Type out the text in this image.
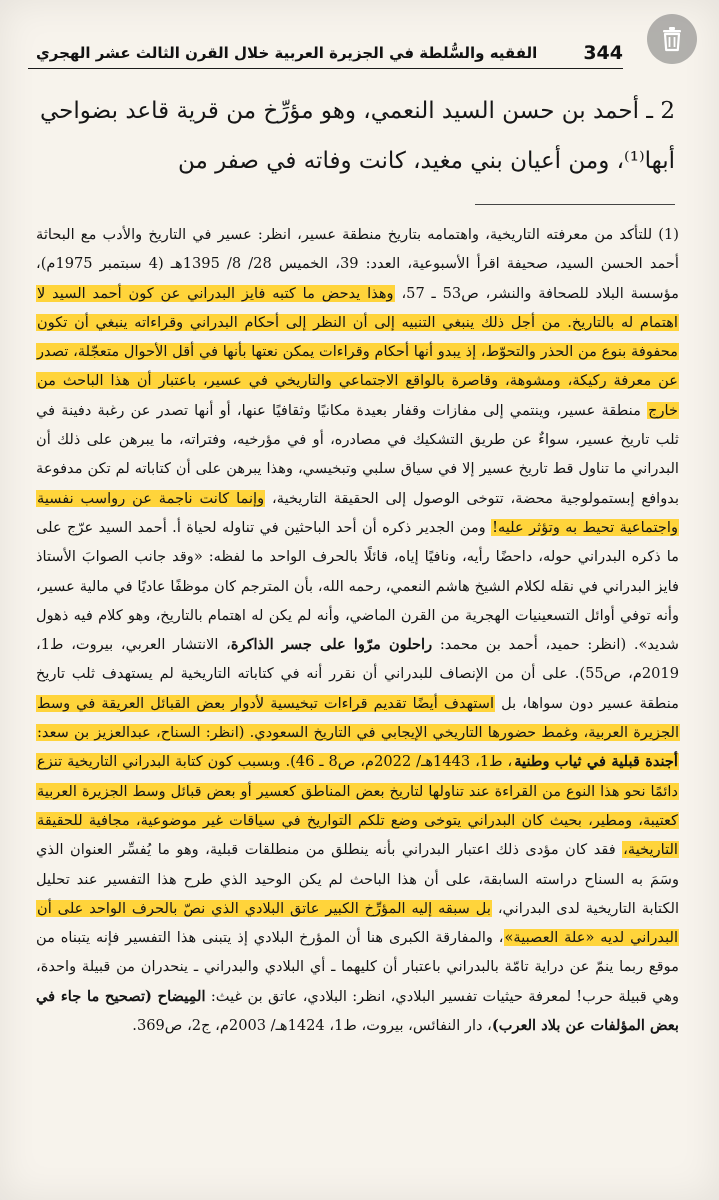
344
الفقيه والسُّلطة في الجزيرة العربية خلال القرن الثالث عشر الهجري
2 ـ أحمد بن حسن السيد النعمي، وهو مؤرِّخ من قرية قاعد بضواحي أبها⁽¹⁾، ومن أعيان بني مغيد، كانت وفاته في صفر من

(1) للتأكد من معرفته التاريخية، واهتمامه بتاريخ منطقة عسير، انظر: عسير في التاريخ والأدب مع البحاثة أحمد الحسن السيد، صحيفة اقرأ الأسبوعية، العدد: 39، الخميس 28/ 8/ 1395هـ (4 سبتمبر 1975م)، مؤسسة البلاد للصحافة والنشر، ص53 ـ 57، وهذا يدحض ما كتبه فايز البدراني عن كون أحمد السيد لا اهتمام له بالتاريخ. من أجل ذلك ينبغي التنبيه إلى أن النظر إلى أحكام البدراني وقراءاته ينبغي أن تكون محفوفة بنوع من الحذر والتحوّط، إذ يبدو أنها أحكام وقراءات يمكن نعتها بأنها في أقل الأحوال متعجّلة، تصدر عن معرفة ركيكة، ومشوهة، وقاصرة بالواقع الاجتماعي والتاريخي في عسير، باعتبار أن هذا الباحث من خارج منطقة عسير، وينتمي إلى مفازات وقفار بعيدة مكانيًا وثقافيًا عنها، أو أنها تصدر عن رغبة دفينة في ثلب تاريخ عسير، سواءٌ عن طريق التشكيك في مصادره، أو في مؤرخيه، وفتراته، ما يبرهن على ذلك أن البدراني ما تناول قط تاريخ عسير إلا في سياق سلبي وتبخيسي، وهذا يبرهن على أن كتاباته لم تكن مدفوعة بدوافع إبستمولوجية محضة، تتوخى الوصول إلى الحقيقة التاريخية، وإنما كانت ناجمة عن رواسب نفسية واجتماعية تحيط به وتؤثر عليه! ومن الجدير ذكره أن أحد الباحثين في تناوله لحياة أ. أحمد السيد عرّج على ما ذكره البدراني حوله، داحضًا رأيه، ونافيًا إياه، قائلًا بالحرف الواحد ما لفظه: «وقد جانب الصوابَ الأستاذ فايز البدراني في نقله لكلام الشيخ هاشم النعمي، رحمه الله، بأن المترجم كان موظفًا عاديًا في مالية عسير، وأنه توفي أوائل التسعينيات الهجرية من القرن الماضي، وأنه لم يكن له اهتمام بالتاريخ، وهو كلام فيه ذهول شديد». (انظر: حميد، أحمد بن محمد: راحلون مرّوا على جسر الذاكرة، الانتشار العربي، بيروت، ط1، 2019م، ص55). على أن من الإنصاف للبدراني أن نقرر أنه في كتاباته التاريخية لم يستهدف ثلب تاريخ منطقة عسير دون سواها، بل استهدف أيضًا تقديم قراءات تبخيسية لأدوار بعض القبائل العريقة في وسط الجزيرة العربية، وغمط حضورها التاريخي الإيجابي في التاريخ السعودي. (انظر: السناح، عبدالعزيز بن سعد: أجندة قبلية في ثياب وطنية، ط1، 1443هـ/ 2022م، ص8 ـ 46). وبسبب كون كتابة البدراني التاريخية تنزع دائمًا نحو هذا النوع من القراءة عند تناولها لتاريخ بعض المناطق كعسير أو بعض قبائل وسط الجزيرة العربية كعتيبة، ومطير، بحيث كان البدراني يتوخى وضع تلكم التواريخ في سياقات غير موضوعية، مجافية للحقيقة التاريخية، فقد كان مؤدى ذلك اعتبار البدراني بأنه ينطلق من منطلقات قبلية، وهو ما يُفسِّر العنوان الذي وسَمَ به السناح دراسته السابقة، على أن هذا الباحث لم يكن الوحيد الذي طرح هذا التفسير عند تحليل الكتابة التاريخية لدى البدراني، بل سبقه إليه المؤرِّخ الكبير عاتق البلادي الذي نصّ بالحرف الواحد على أن البدراني لديه «علة العصبية»، والمفارقة الكبرى هنا أن المؤرخ البلادي إذ يتبنى هذا التفسير فإنه يتبناه من موقع ربما ينمّ عن دراية تامّة بالبدراني باعتبار أن كليهما ـ أي البلادي والبدراني ـ ينحدران من قبيلة واحدة، وهي قبيلة حرب! لمعرفة حيثيات تفسير البلادي، انظر: البلادي، عاتق بن غيث: المِيضاح (تصحيح ما جاء في بعض المؤلفات عن بلاد العرب)، دار النفائس، بيروت، ط1، 1424هـ/ 2003م، ج2، ص369.
